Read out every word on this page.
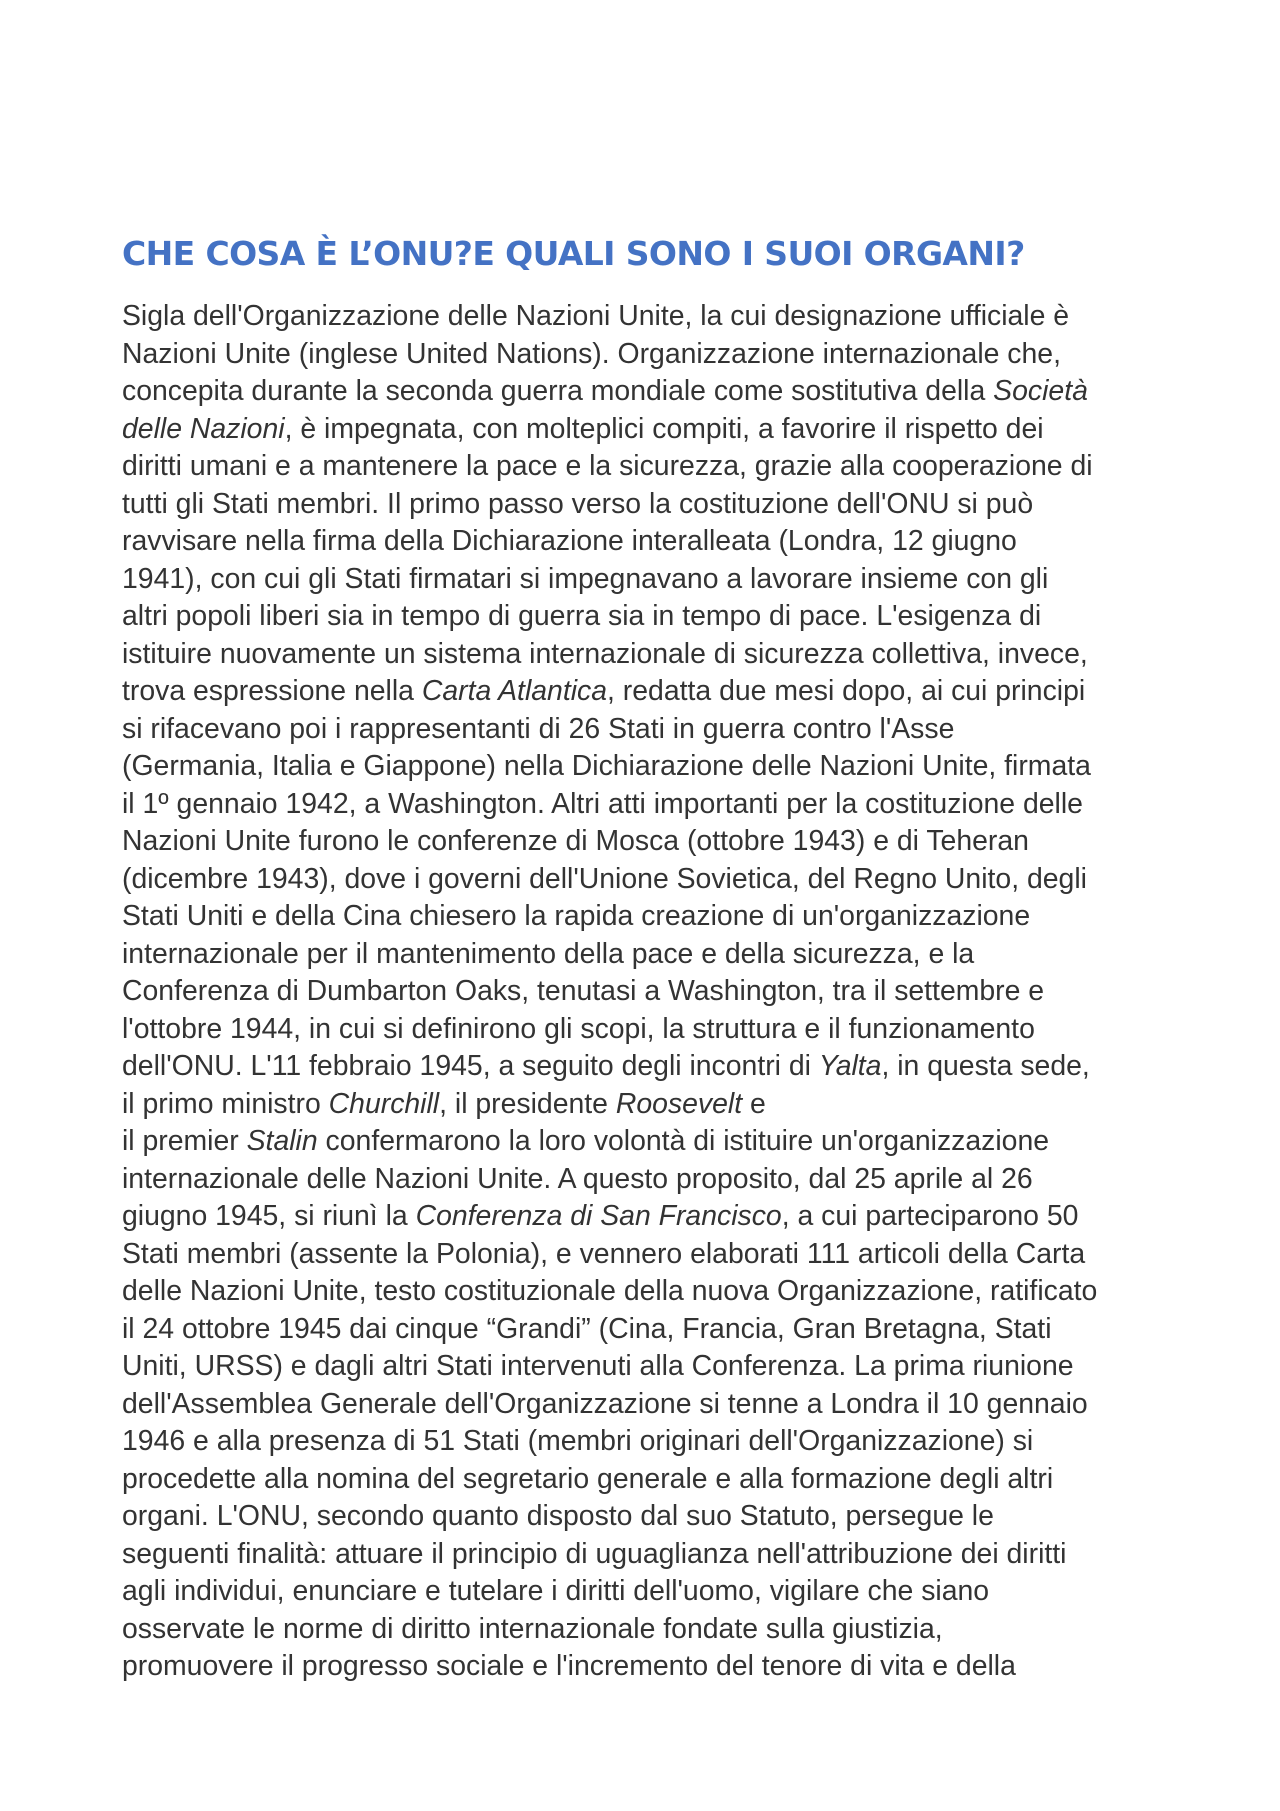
CHE COSA È L’ONU?E QUALI SONO I SUOI ORGANI?
Sigla dell'Organizzazione delle Nazioni Unite, la cui designazione ufficiale è
Nazioni Unite (inglese United Nations). Organizzazione internazionale che,
concepita durante la seconda guerra mondiale come sostitutiva della Società
delle Nazioni, è impegnata, con molteplici compiti, a favorire il rispetto dei
diritti umani e a mantenere la pace e la sicurezza, grazie alla cooperazione di
tutti gli Stati membri. Il primo passo verso la costituzione dell'ONU si può
ravvisare nella firma della Dichiarazione interalleata (Londra, 12 giugno
1941), con cui gli Stati firmatari si impegnavano a lavorare insieme con gli
altri popoli liberi sia in tempo di guerra sia in tempo di pace. L'esigenza di
istituire nuovamente un sistema internazionale di sicurezza collettiva, invece,
trova espressione nella Carta Atlantica, redatta due mesi dopo, ai cui principi
si rifacevano poi i rappresentanti di 26 Stati in guerra contro l'Asse
(Germania, Italia e Giappone) nella Dichiarazione delle Nazioni Unite, firmata
il 1º gennaio 1942, a Washington. Altri atti importanti per la costituzione delle
Nazioni Unite furono le conferenze di Mosca (ottobre 1943) e di Teheran
(dicembre 1943), dove i governi dell'Unione Sovietica, del Regno Unito, degli
Stati Uniti e della Cina chiesero la rapida creazione di un'organizzazione
internazionale per il mantenimento della pace e della sicurezza, e la
Conferenza di Dumbarton Oaks, tenutasi a Washington, tra il settembre e
l'ottobre 1944, in cui si definirono gli scopi, la struttura e il funzionamento
dell'ONU. L'11 febbraio 1945, a seguito degli incontri di Yalta, in questa sede,
il primo ministro Churchill, il presidente Roosevelt e
il premier Stalin confermarono la loro volontà di istituire un'organizzazione
internazionale delle Nazioni Unite. A questo proposito, dal 25 aprile al 26
giugno 1945, si riunì la Conferenza di San Francisco, a cui parteciparono 50
Stati membri (assente la Polonia), e vennero elaborati 111 articoli della Carta
delle Nazioni Unite, testo costituzionale della nuova Organizzazione, ratificato
il 24 ottobre 1945 dai cinque “Grandi” (Cina, Francia, Gran Bretagna, Stati
Uniti, URSS) e dagli altri Stati intervenuti alla Conferenza. La prima riunione
dell'Assemblea Generale dell'Organizzazione si tenne a Londra il 10 gennaio
1946 e alla presenza di 51 Stati (membri originari dell'Organizzazione) si
procedette alla nomina del segretario generale e alla formazione degli altri
organi. L'ONU, secondo quanto disposto dal suo Statuto, persegue le
seguenti finalità: attuare il principio di uguaglianza nell'attribuzione dei diritti
agli individui, enunciare e tutelare i diritti dell'uomo, vigilare che siano
osservate le norme di diritto internazionale fondate sulla giustizia,
promuovere il progresso sociale e l'incremento del tenore di vita e della
